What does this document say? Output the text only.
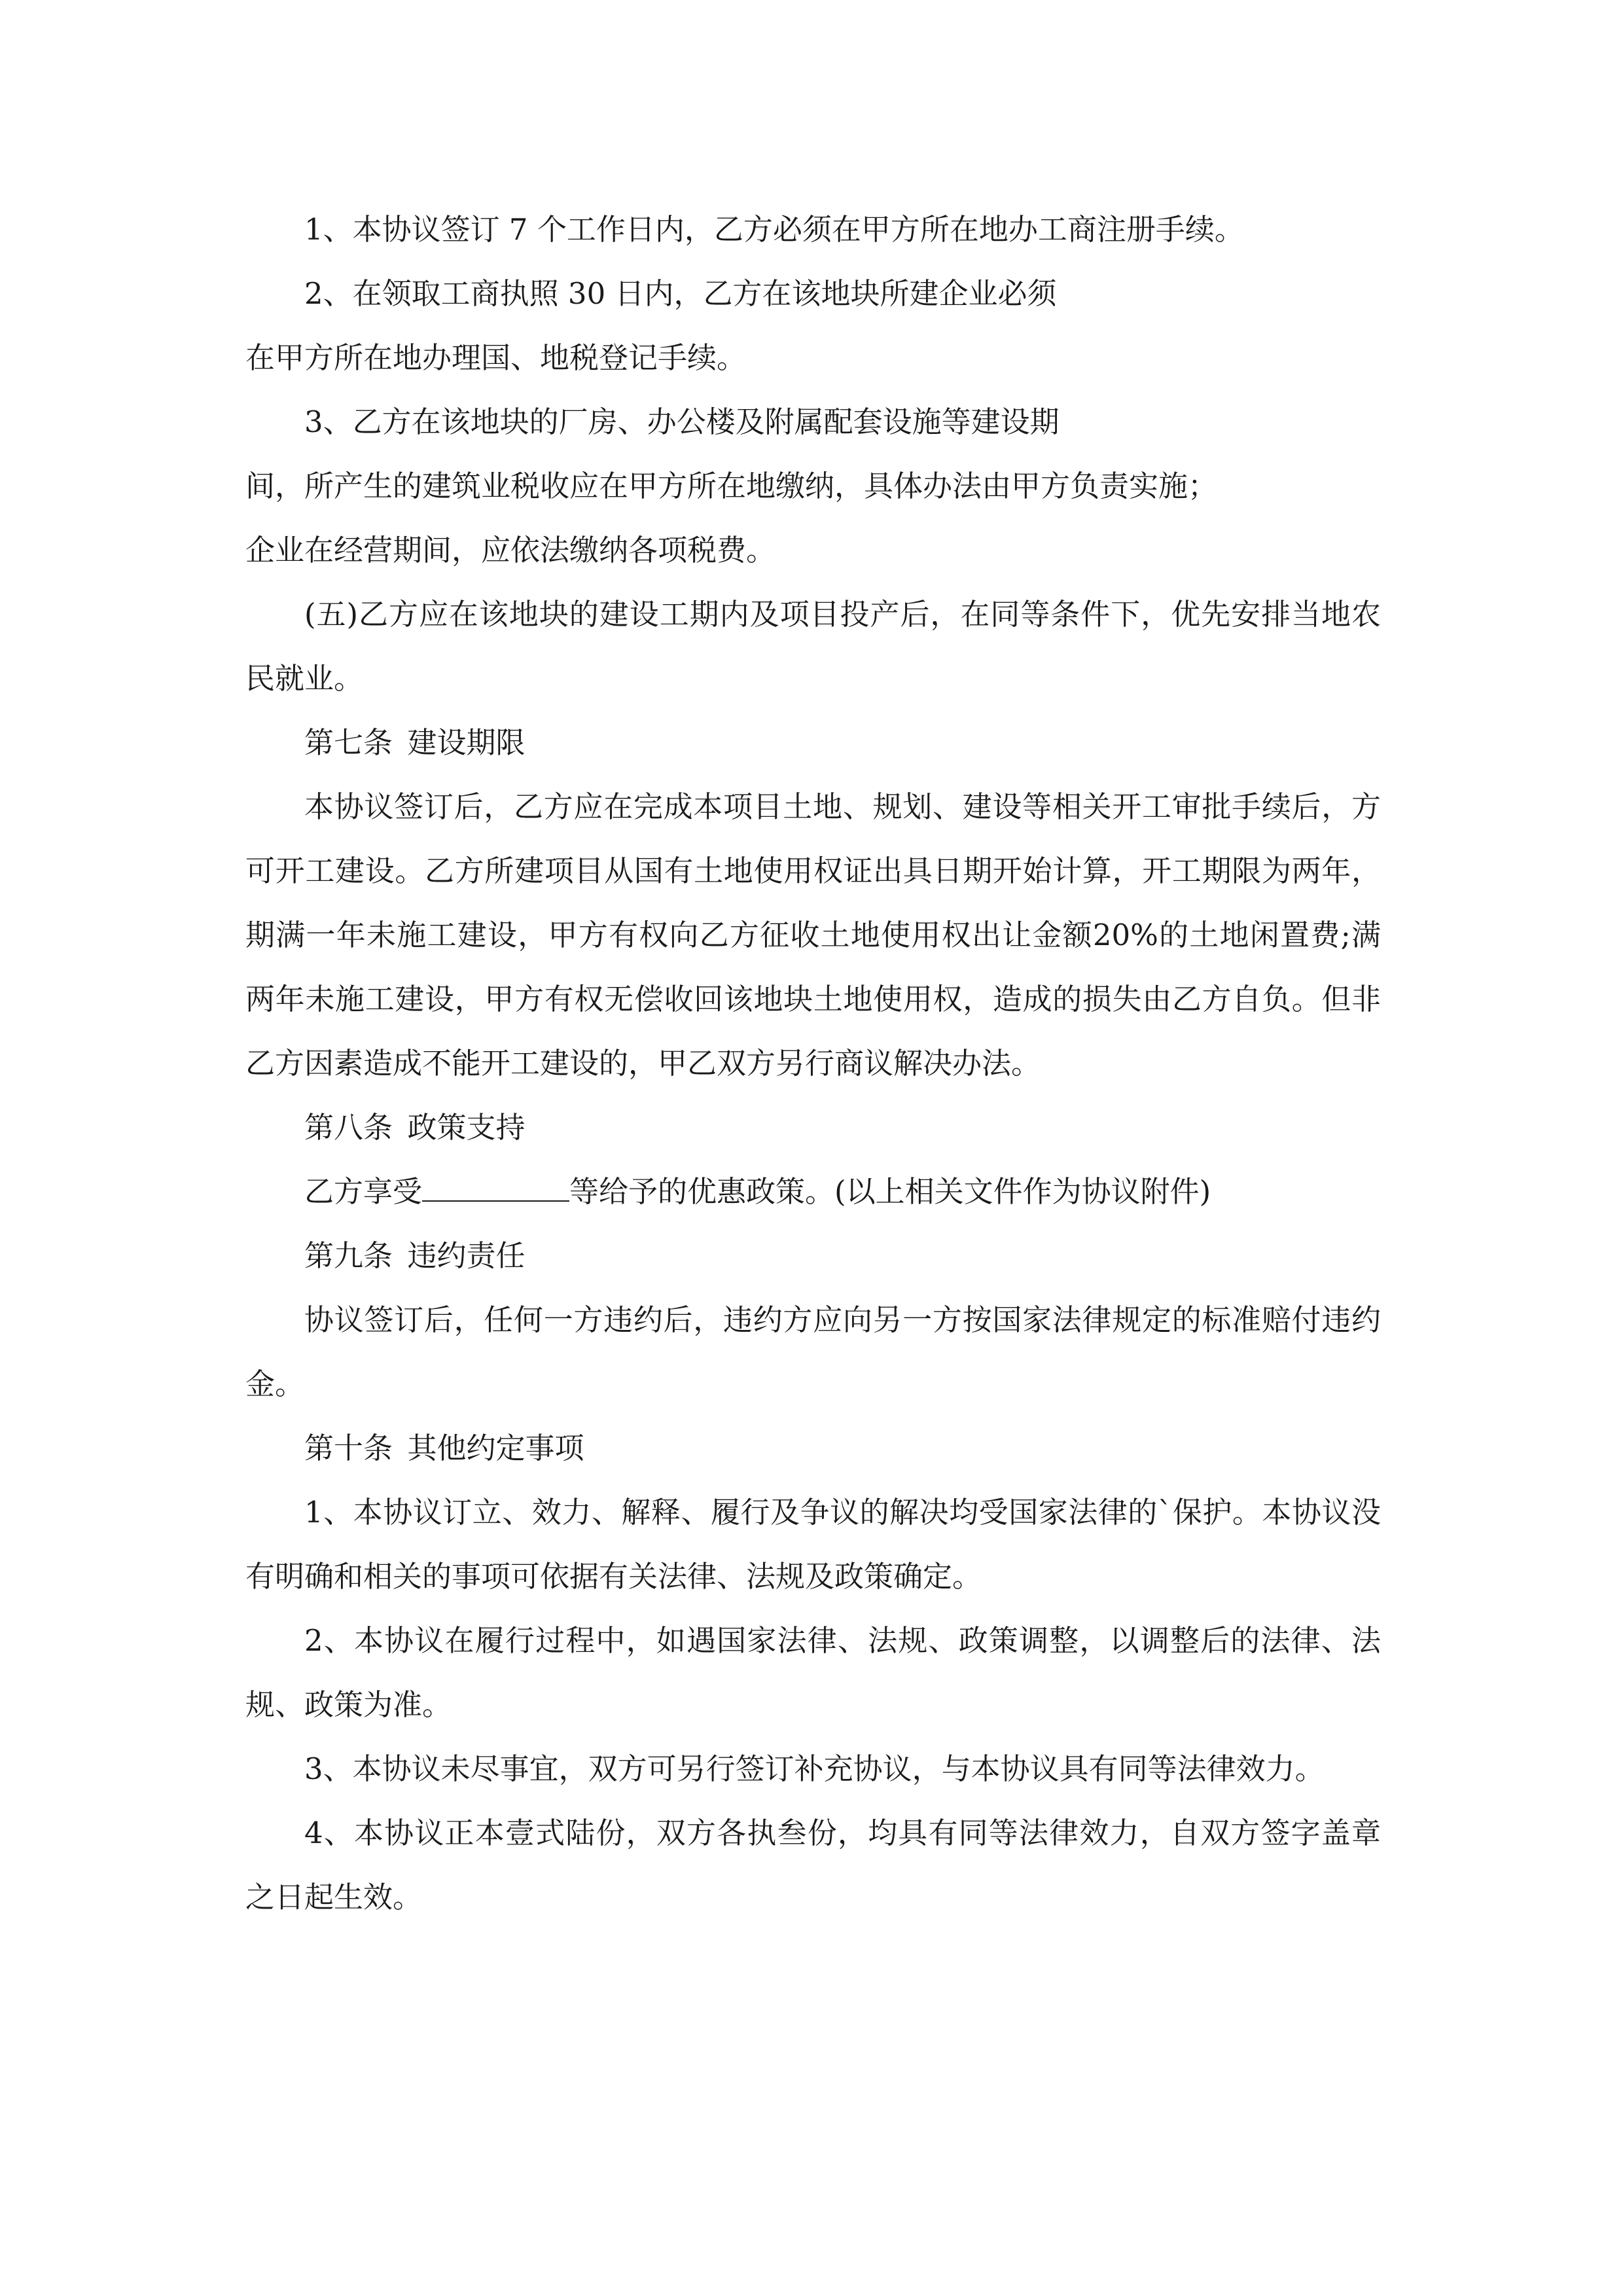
1、本协议签订 7 个工作日内，乙方必须在甲方所在地办工商注册手续。
2、在领取工商执照 30 日内，乙方在该地块所建企业必须
在甲方所在地办理国、地税登记手续。
3、乙方在该地块的厂房、办公楼及附属配套设施等建设期
间，所产生的建筑业税收应在甲方所在地缴纳，具体办法由甲方负责实施；
企业在经营期间，应依法缴纳各项税费。
(五)乙方应在该地块的建设工期内及项目投产后，在同等条件下，优先安排当地农民就业。
第七条 建设期限
本协议签订后，乙方应在完成本项目土地、规划、建设等相关开工审批手续后，方可开工建设。乙方所建项目从国有土地使用权证出具日期开始计算，开工期限为两年，期满一年未施工建设，甲方有权向乙方征收土地使用权出让金额20%的土地闲置费;满两年未施工建设，甲方有权无偿收回该地块土地使用权，造成的损失由乙方自负。但非乙方因素造成不能开工建设的，甲乙双方另行商议解决办法。
第八条 政策支持
乙方享受	等给予的优惠政策。(以上相关文件作为协议附件)
第九条 违约责任
协议签订后，任何一方违约后，违约方应向另一方按国家法律规定的标准赔付违约金。
第十条 其他约定事项
1、本协议订立、效力、解释、履行及争议的解决均受国家法律的`保护。本协议没有明确和相关的事项可依据有关法律、法规及政策确定。
2、本协议在履行过程中，如遇国家法律、法规、政策调整，以调整后的法律、法规、政策为准。
3、本协议未尽事宜，双方可另行签订补充协议，与本协议具有同等法律效力。
4、本协议正本壹式陆份，双方各执叁份，均具有同等法律效力，自双方签字盖章之日起生效。
